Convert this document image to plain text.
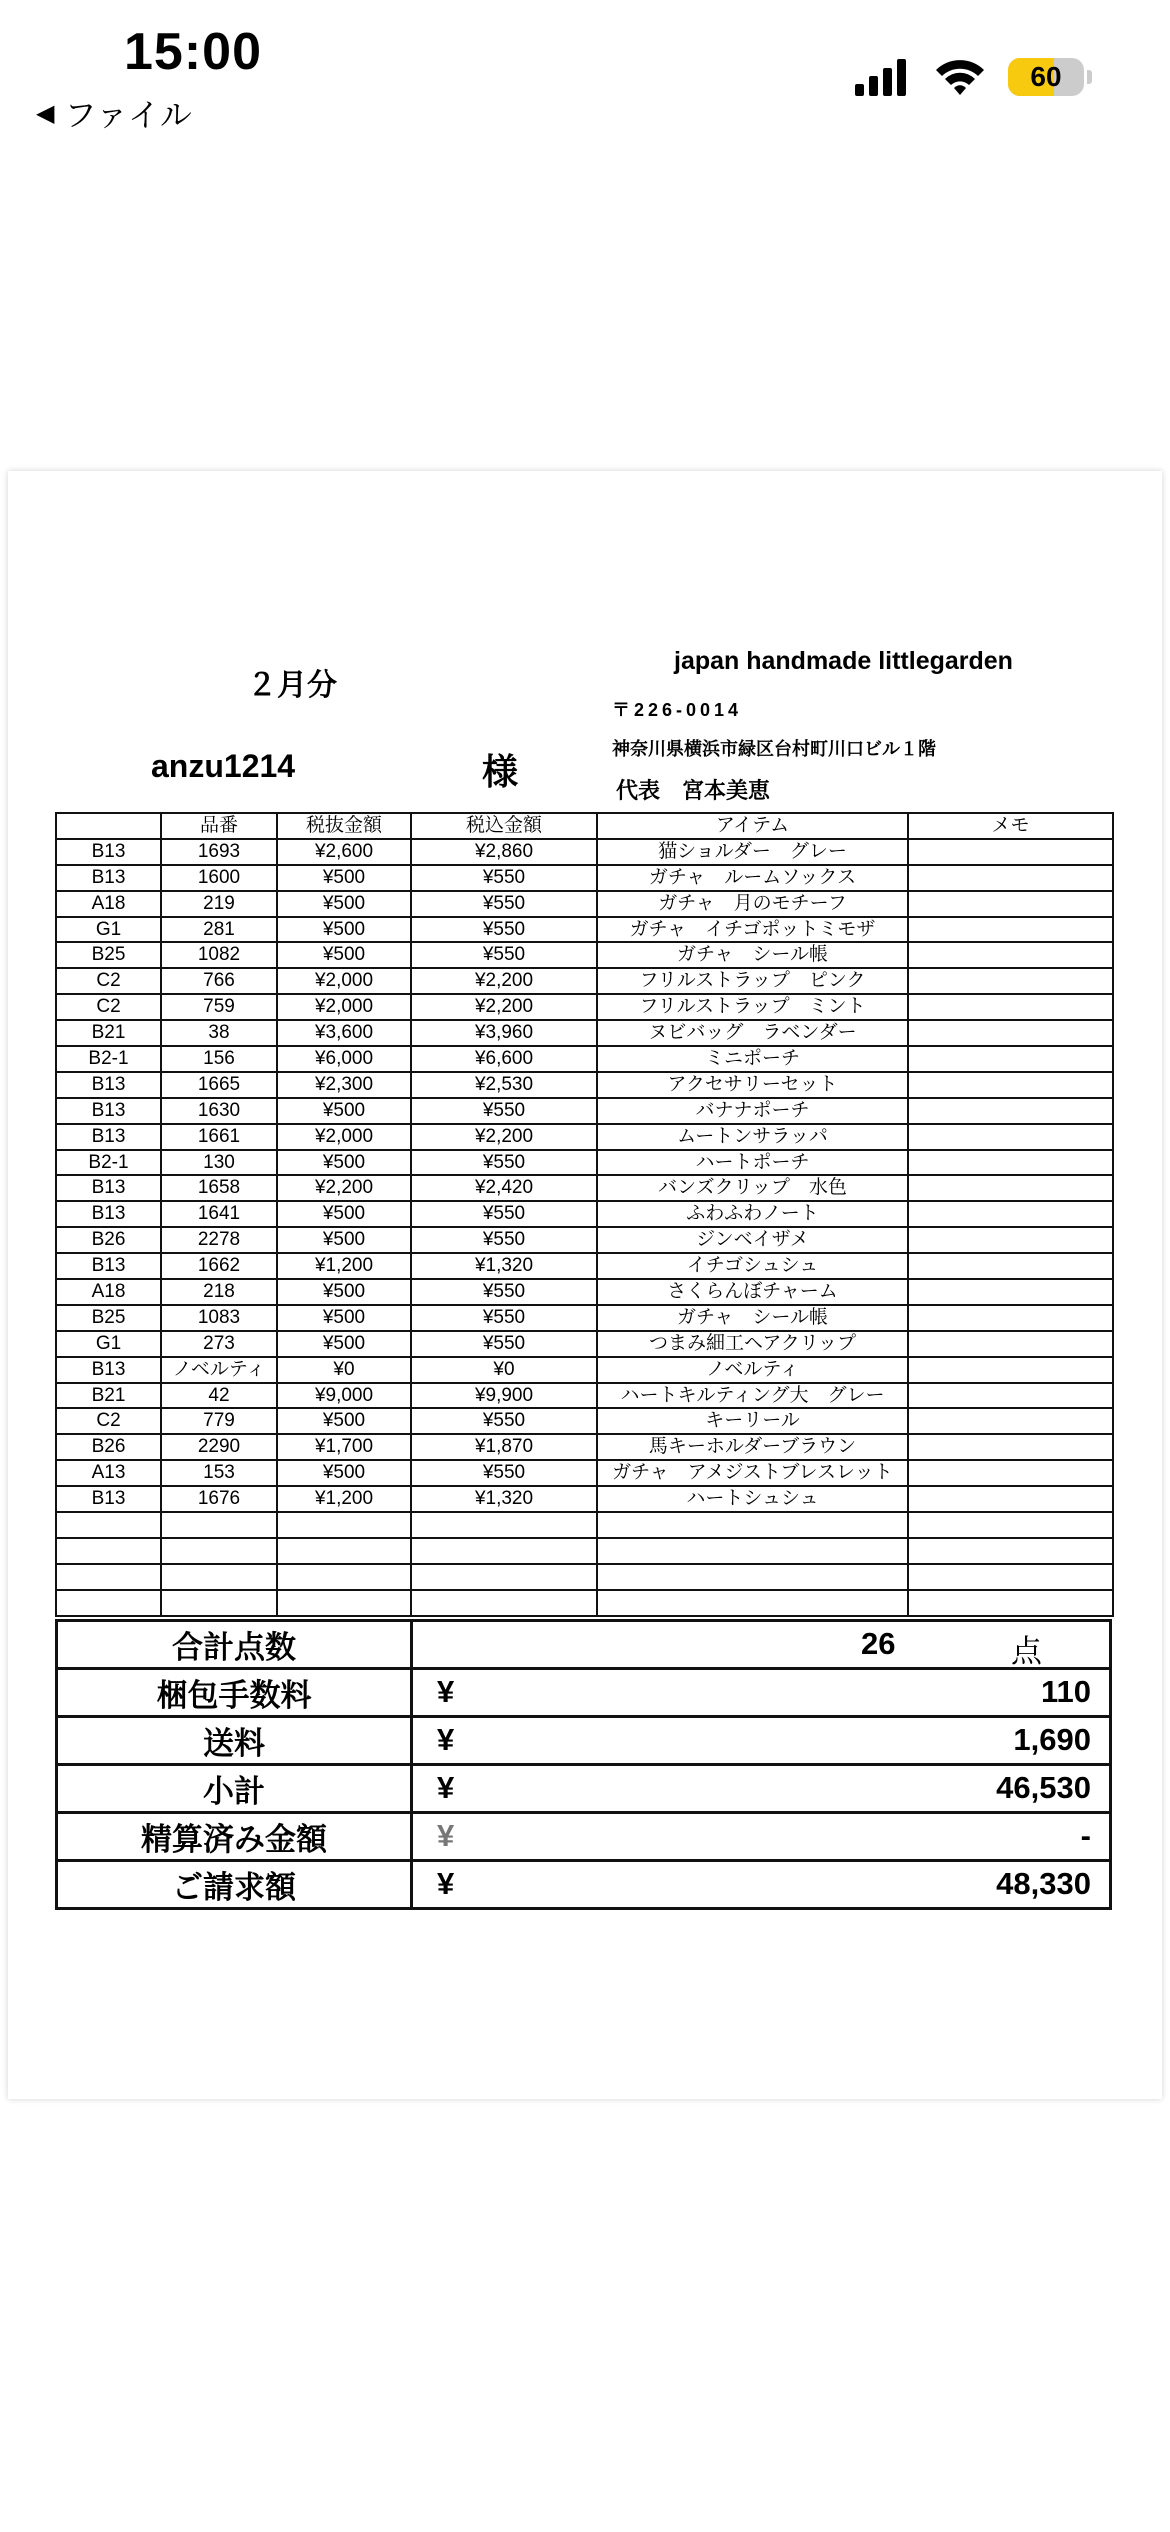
15:00
◀ ファイル
60
２月分
japan handmade littlegarden
〒226-0014
神奈川県横浜市緑区台村町川口ビル１階
代表　宮本美恵
anzu1214	様
	品番	税抜金額	税込金額	アイテム	メモ
B13	1693	¥2,600	¥2,860	猫ショルダー　グレー	
B13	1600	¥500	¥550	ガチャ　ルームソックス	
A18	219	¥500	¥550	ガチャ　月のモチーフ	
G1	281	¥500	¥550	ガチャ　イチゴポットミモザ	
B25	1082	¥500	¥550	ガチャ　シール帳	
C2	766	¥2,000	¥2,200	フリルストラップ　ピンク	
C2	759	¥2,000	¥2,200	フリルストラップ　ミント	
B21	38	¥3,600	¥3,960	ヌビバッグ　ラベンダー	
B2-1	156	¥6,000	¥6,600	ミニポーチ	
B13	1665	¥2,300	¥2,530	アクセサリーセット	
B13	1630	¥500	¥550	バナナポーチ	
B13	1661	¥2,000	¥2,200	ムートンサラッパ	
B2-1	130	¥500	¥550	ハートポーチ	
B13	1658	¥2,200	¥2,420	バンズクリップ　水色	
B13	1641	¥500	¥550	ふわふわノート	
B26	2278	¥500	¥550	ジンベイザメ	
B13	1662	¥1,200	¥1,320	イチゴシュシュ	
A18	218	¥500	¥550	さくらんぼチャーム	
B25	1083	¥500	¥550	ガチャ　シール帳	
G1	273	¥500	¥550	つまみ細工ヘアクリップ	
B13	ノベルティ	¥0	¥0	ノベルティ	
B21	42	¥9,000	¥9,900	ハートキルティング大　グレー	
C2	779	¥500	¥550	キーリール	
B26	2290	¥1,700	¥1,870	馬キーホルダーブラウン	
A13	153	¥500	¥550	ガチャ　アメジストブレスレット	
B13	1676	¥1,200	¥1,320	ハートシュシュ	

合計点数	26 点

梱包手数料	¥ 110

送料	¥ 1,690

小計	¥ 46,530

精算済み金額	¥ -

ご請求額	¥ 48,330
